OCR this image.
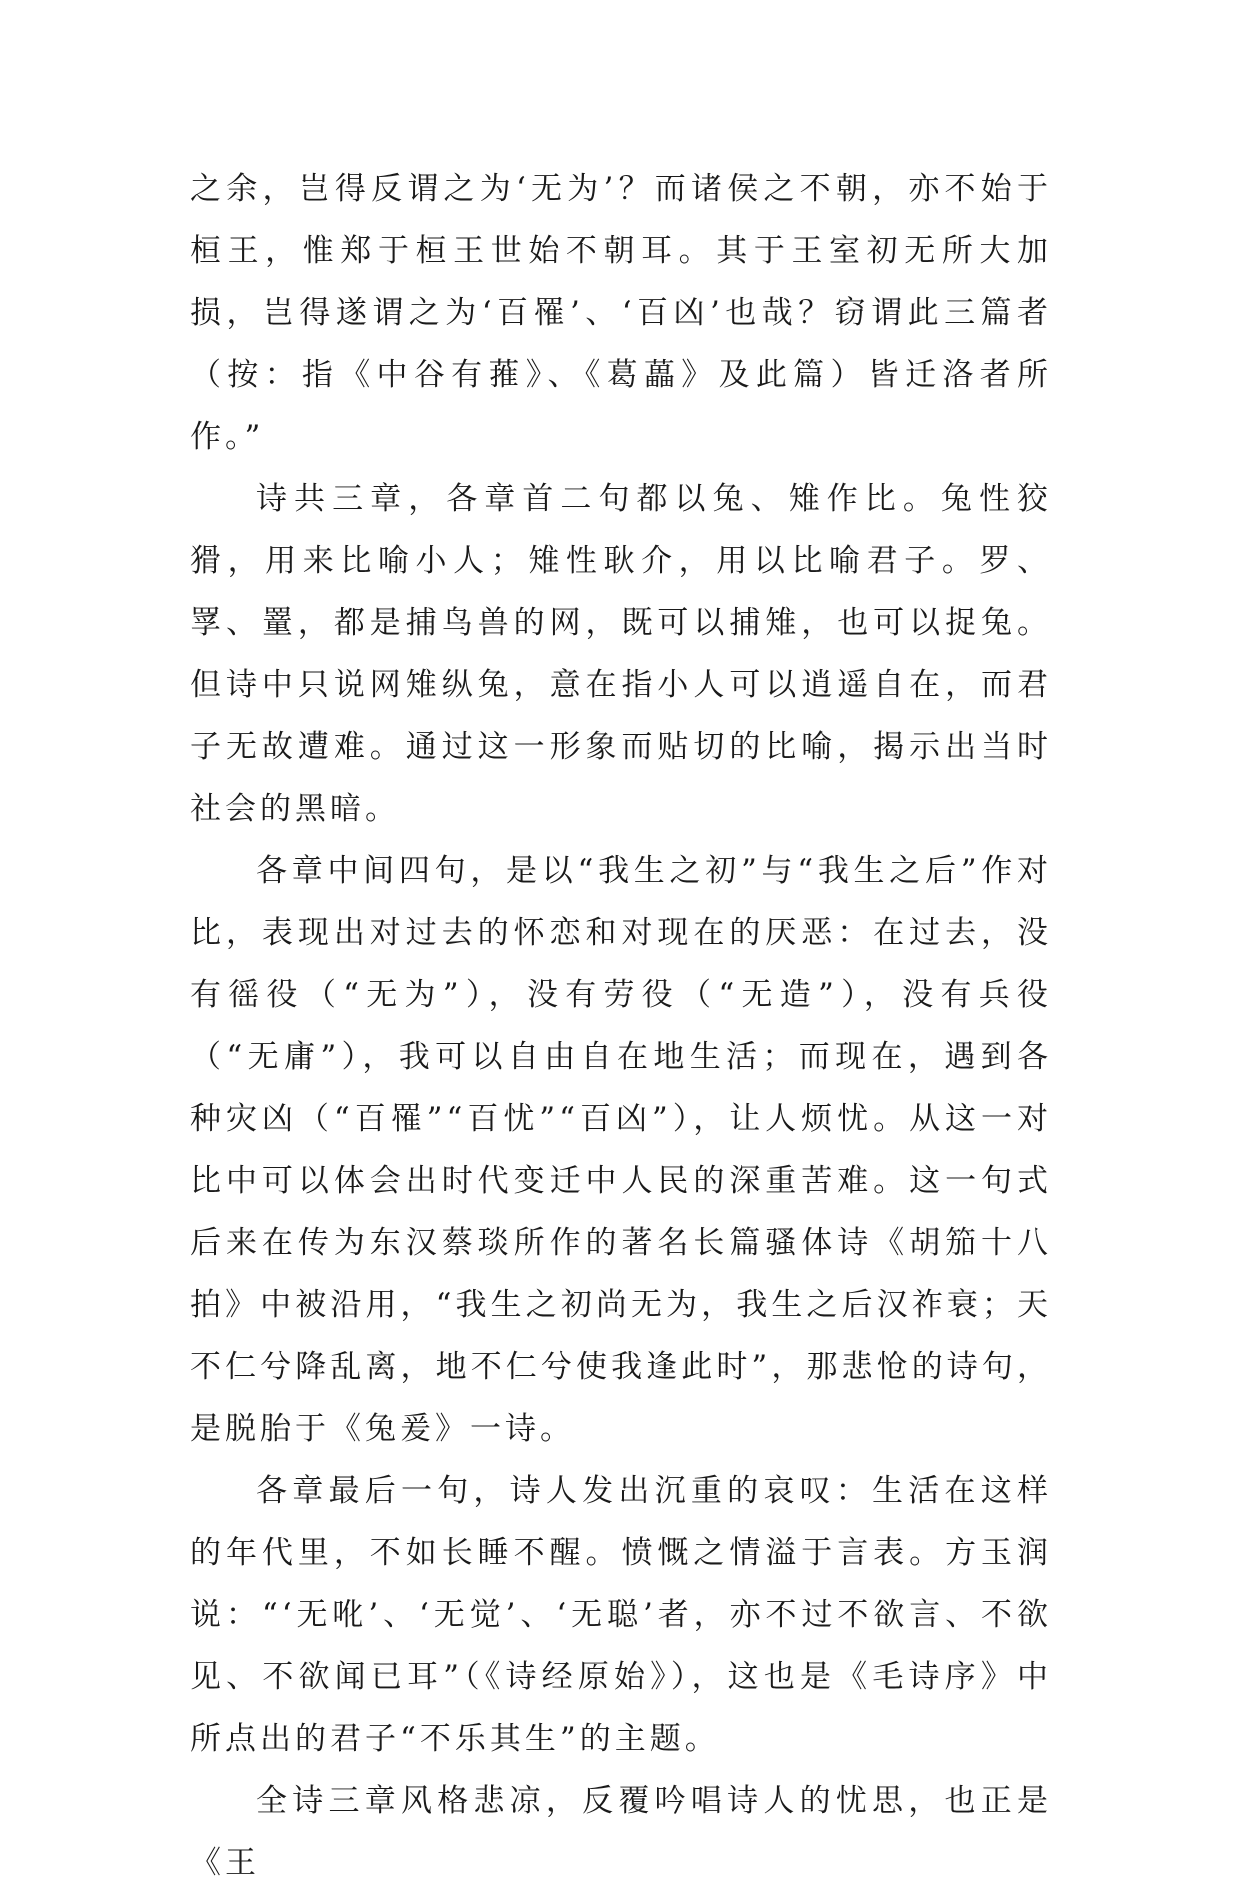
之余，岂得反谓之为‘无为’？而诸侯之不朝，亦不始于桓王，惟郑于桓王世始不朝耳。其于王室初无所大加损，岂得遂谓之为‘百罹’、‘百凶’也哉？窃谓此三篇者（按：指《中谷有蓷》、《葛藟》及此篇）皆迁洛者所作。”

诗共三章，各章首二句都以兔、雉作比。兔性狡猾，用来比喻小人；雉性耿介，用以比喻君子。罗、罦、罿，都是捕鸟兽的网，既可以捕雉，也可以捉兔。但诗中只说网雉纵兔，意在指小人可以逍遥自在，而君子无故遭难。通过这一形象而贴切的比喻，揭示出当时社会的黑暗。

各章中间四句，是以“我生之初”与“我生之后”作对比，表现出对过去的怀恋和对现在的厌恶：在过去，没有徭役（“无为”），没有劳役（“无造”），没有兵役（“无庸”），我可以自由自在地生活；而现在，遇到各种灾凶（“百罹”“百忧”“百凶”），让人烦忧。从这一对比中可以体会出时代变迁中人民的深重苦难。这一句式后来在传为东汉蔡琰所作的著名长篇骚体诗《胡笳十八拍》中被沿用，“我生之初尚无为，我生之后汉祚衰；天不仁兮降乱离，地不仁兮使我逢此时”，那悲怆的诗句，是脱胎于《兔爰》一诗。

各章最后一句，诗人发出沉重的哀叹：生活在这样的年代里，不如长睡不醒。愤慨之情溢于言表。方玉润说：“‘无吪’、‘无觉’、‘无聪’者，亦不过不欲言、不欲见、不欲闻已耳”（《诗经原始》），这也是《毛诗序》中所点出的君子“不乐其生”的主题。

全诗三章风格悲凉，反覆吟唱诗人的忧思，也正是《王
